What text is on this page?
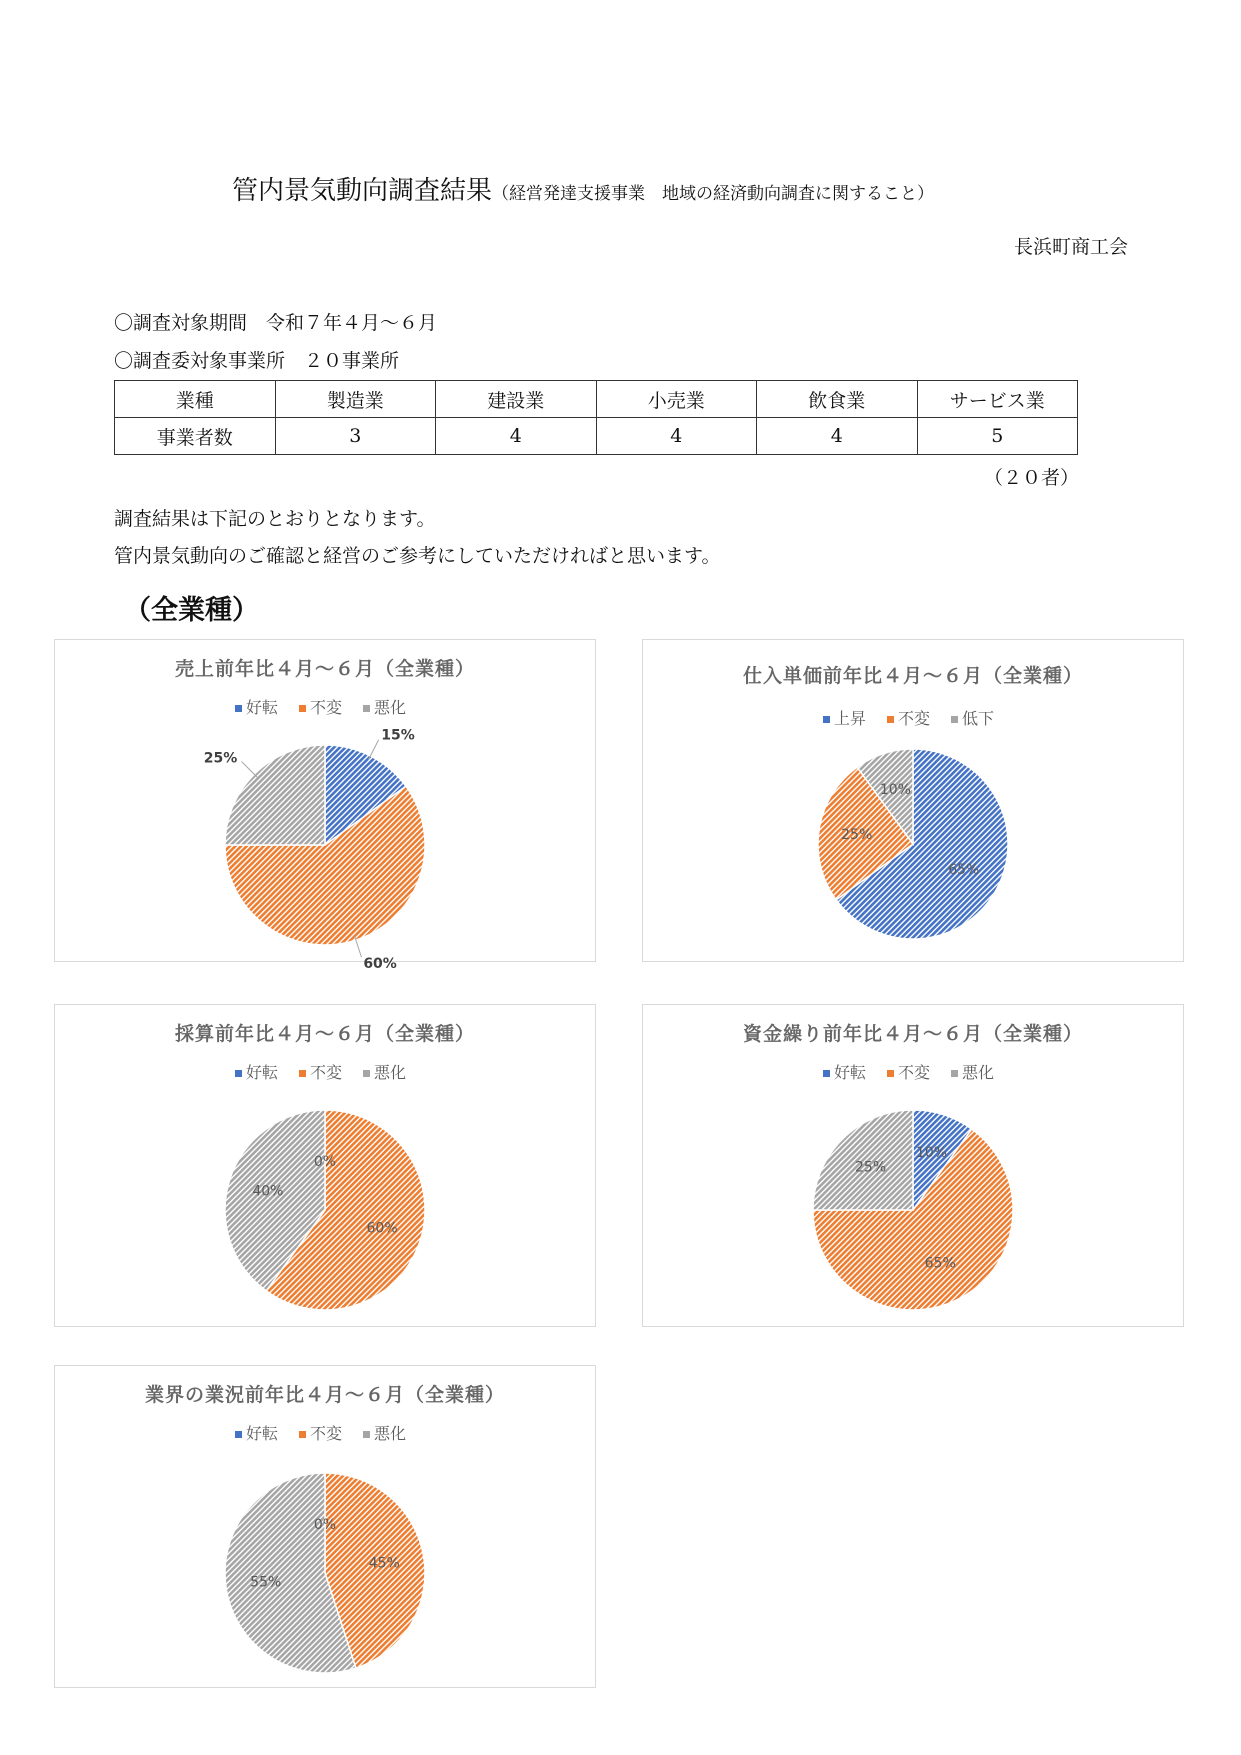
管内景気動向調査結果（経営発達支援事業　地域の経済動向調査に関すること）
長浜町商工会
〇調査対象期間　令和７年４月～６月
〇調査委対象事業所　２０事業所
業種	製造業	建設業	小売業	飲食業	サービス業
事業者数	3	4	4	4	5
（２０者）
調査結果は下記のとおりとなります。
管内景気動向のご確認と経営のご参考にしていただければと思います。
（全業種）
売上前年比４月～６月（全業種）
好転 不変 悪化
15%
60%
25%
仕入単価前年比４月～６月（全業種）
上昇 不変 低下
65%
25%
10%
採算前年比４月～６月（全業種）
好転 不変 悪化
0%
60%
40%
資金繰り前年比４月～６月（全業種）
好転 不変 悪化
10%
65%
25%
業界の業況前年比４月～６月（全業種）
好転 不変 悪化
0%
45%
55%
